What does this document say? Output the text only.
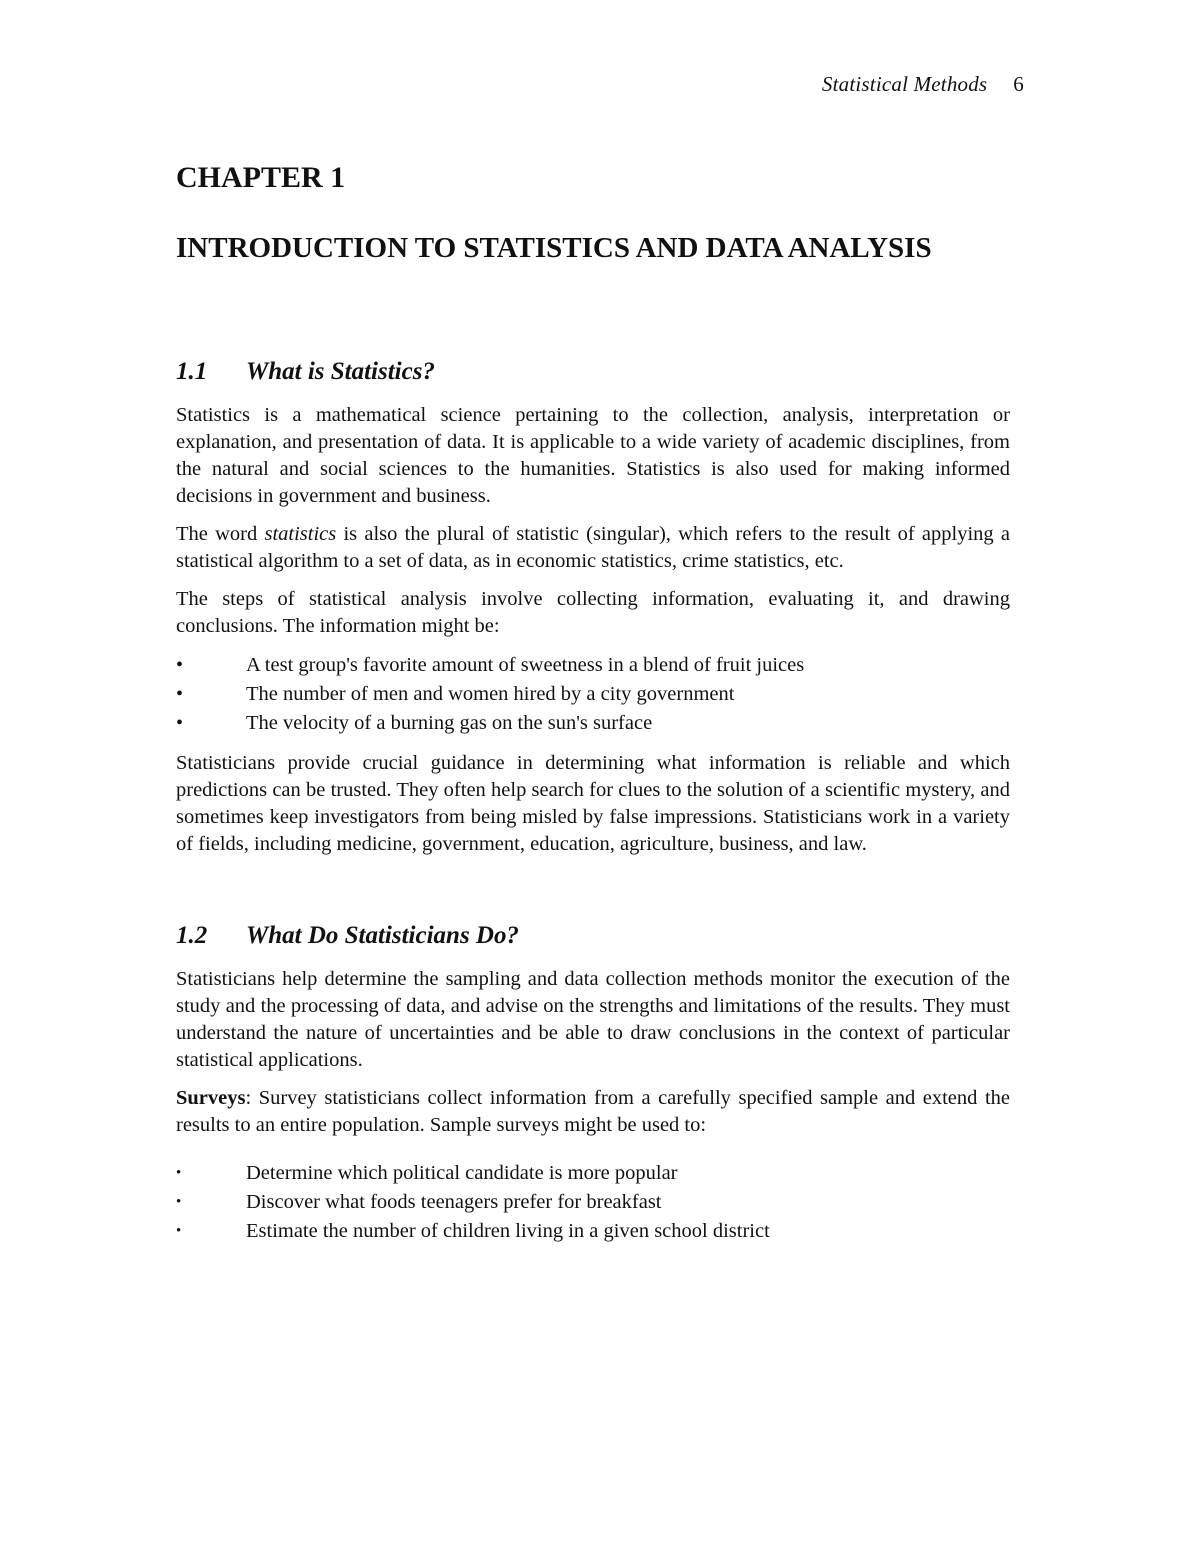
Statistical Methods 6
CHAPTER 1
INTRODUCTION TO STATISTICS AND DATA ANALYSIS
1.1 What is Statistics?

Statistics is a mathematical science pertaining to the collection, analysis, interpretation or explanation, and presentation of data. It is applicable to a wide variety of academic disciplines, from the natural and social sciences to the humanities. Statistics is also used for making informed decisions in government and business.

The word statistics is also the plural of statistic (singular), which refers to the result of applying a statistical algorithm to a set of data, as in economic statistics, crime statistics, etc.

The steps of statistical analysis involve collecting information, evaluating it, and drawing conclusions. The information might be:

•	A test group's favorite amount of sweetness in a blend of fruit juices
•	The number of men and women hired by a city government
•	The velocity of a burning gas on the sun's surface

Statisticians provide crucial guidance in determining what information is reliable and which predictions can be trusted. They often help search for clues to the solution of a scientific mystery, and sometimes keep investigators from being misled by false impressions. Statisticians work in a variety of fields, including medicine, government, education, agriculture, business, and law.

1.2 What Do Statisticians Do?

Statisticians help determine the sampling and data collection methods monitor the execution of the study and the processing of data, and advise on the strengths and limitations of the results. They must understand the nature of uncertainties and be able to draw conclusions in the context of particular statistical applications.

Surveys: Survey statisticians collect information from a carefully specified sample and extend the results to an entire population. Sample surveys might be used to:

•	Determine which political candidate is more popular
•	Discover what foods teenagers prefer for breakfast
•	Estimate the number of children living in a given school district
